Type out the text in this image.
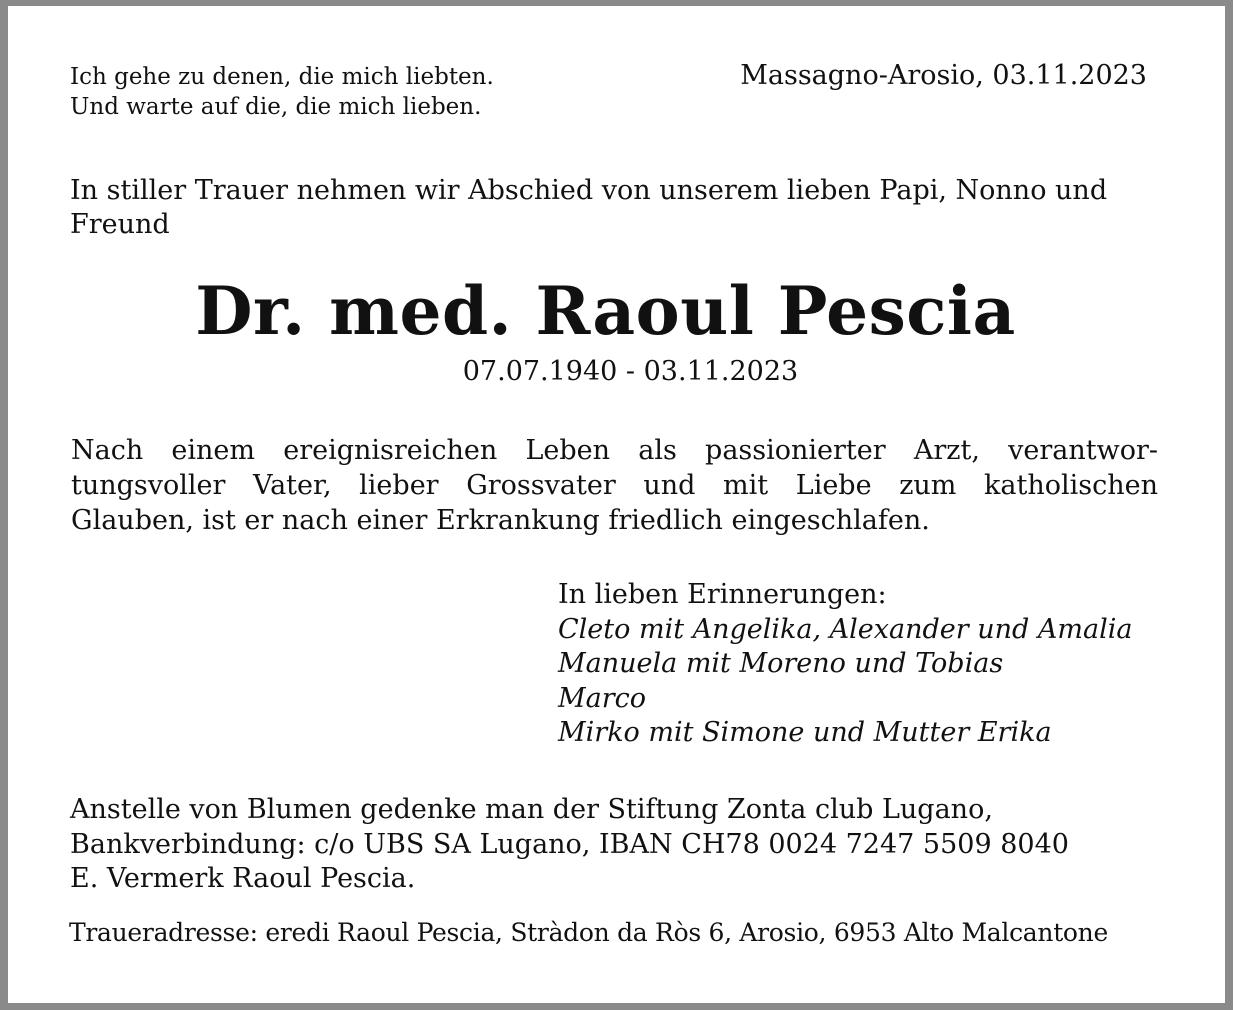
Ich gehe zu denen, die mich liebten.
Und warte auf die, die mich lieben.
Massagno-Arosio, 03.11.2023
In stiller Trauer nehmen wir Abschied von unserem lieben Papi, Nonno und Freund
Dr. med. Raoul Pescia
07.07.1940 - 03.11.2023
Nach einem ereignisreichen Leben als passionierter Arzt, verantwor-
tungsvoller Vater, lieber Grossvater und mit Liebe zum katholischen
Glauben, ist er nach einer Erkrankung friedlich eingeschlafen.
In lieben Erinnerungen:
Cleto mit Angelika, Alexander und Amalia
Manuela mit Moreno und Tobias
Marco
Mirko mit Simone und Mutter Erika
Anstelle von Blumen gedenke man der Stiftung Zonta club Lugano,
Bankverbindung: c/o UBS SA Lugano, IBAN CH78 0024 7247 5509 8040
E. Vermerk Raoul Pescia.
Traueradresse: eredi Raoul Pescia, Stràdon da Ròs 6, Arosio, 6953 Alto Malcantone
